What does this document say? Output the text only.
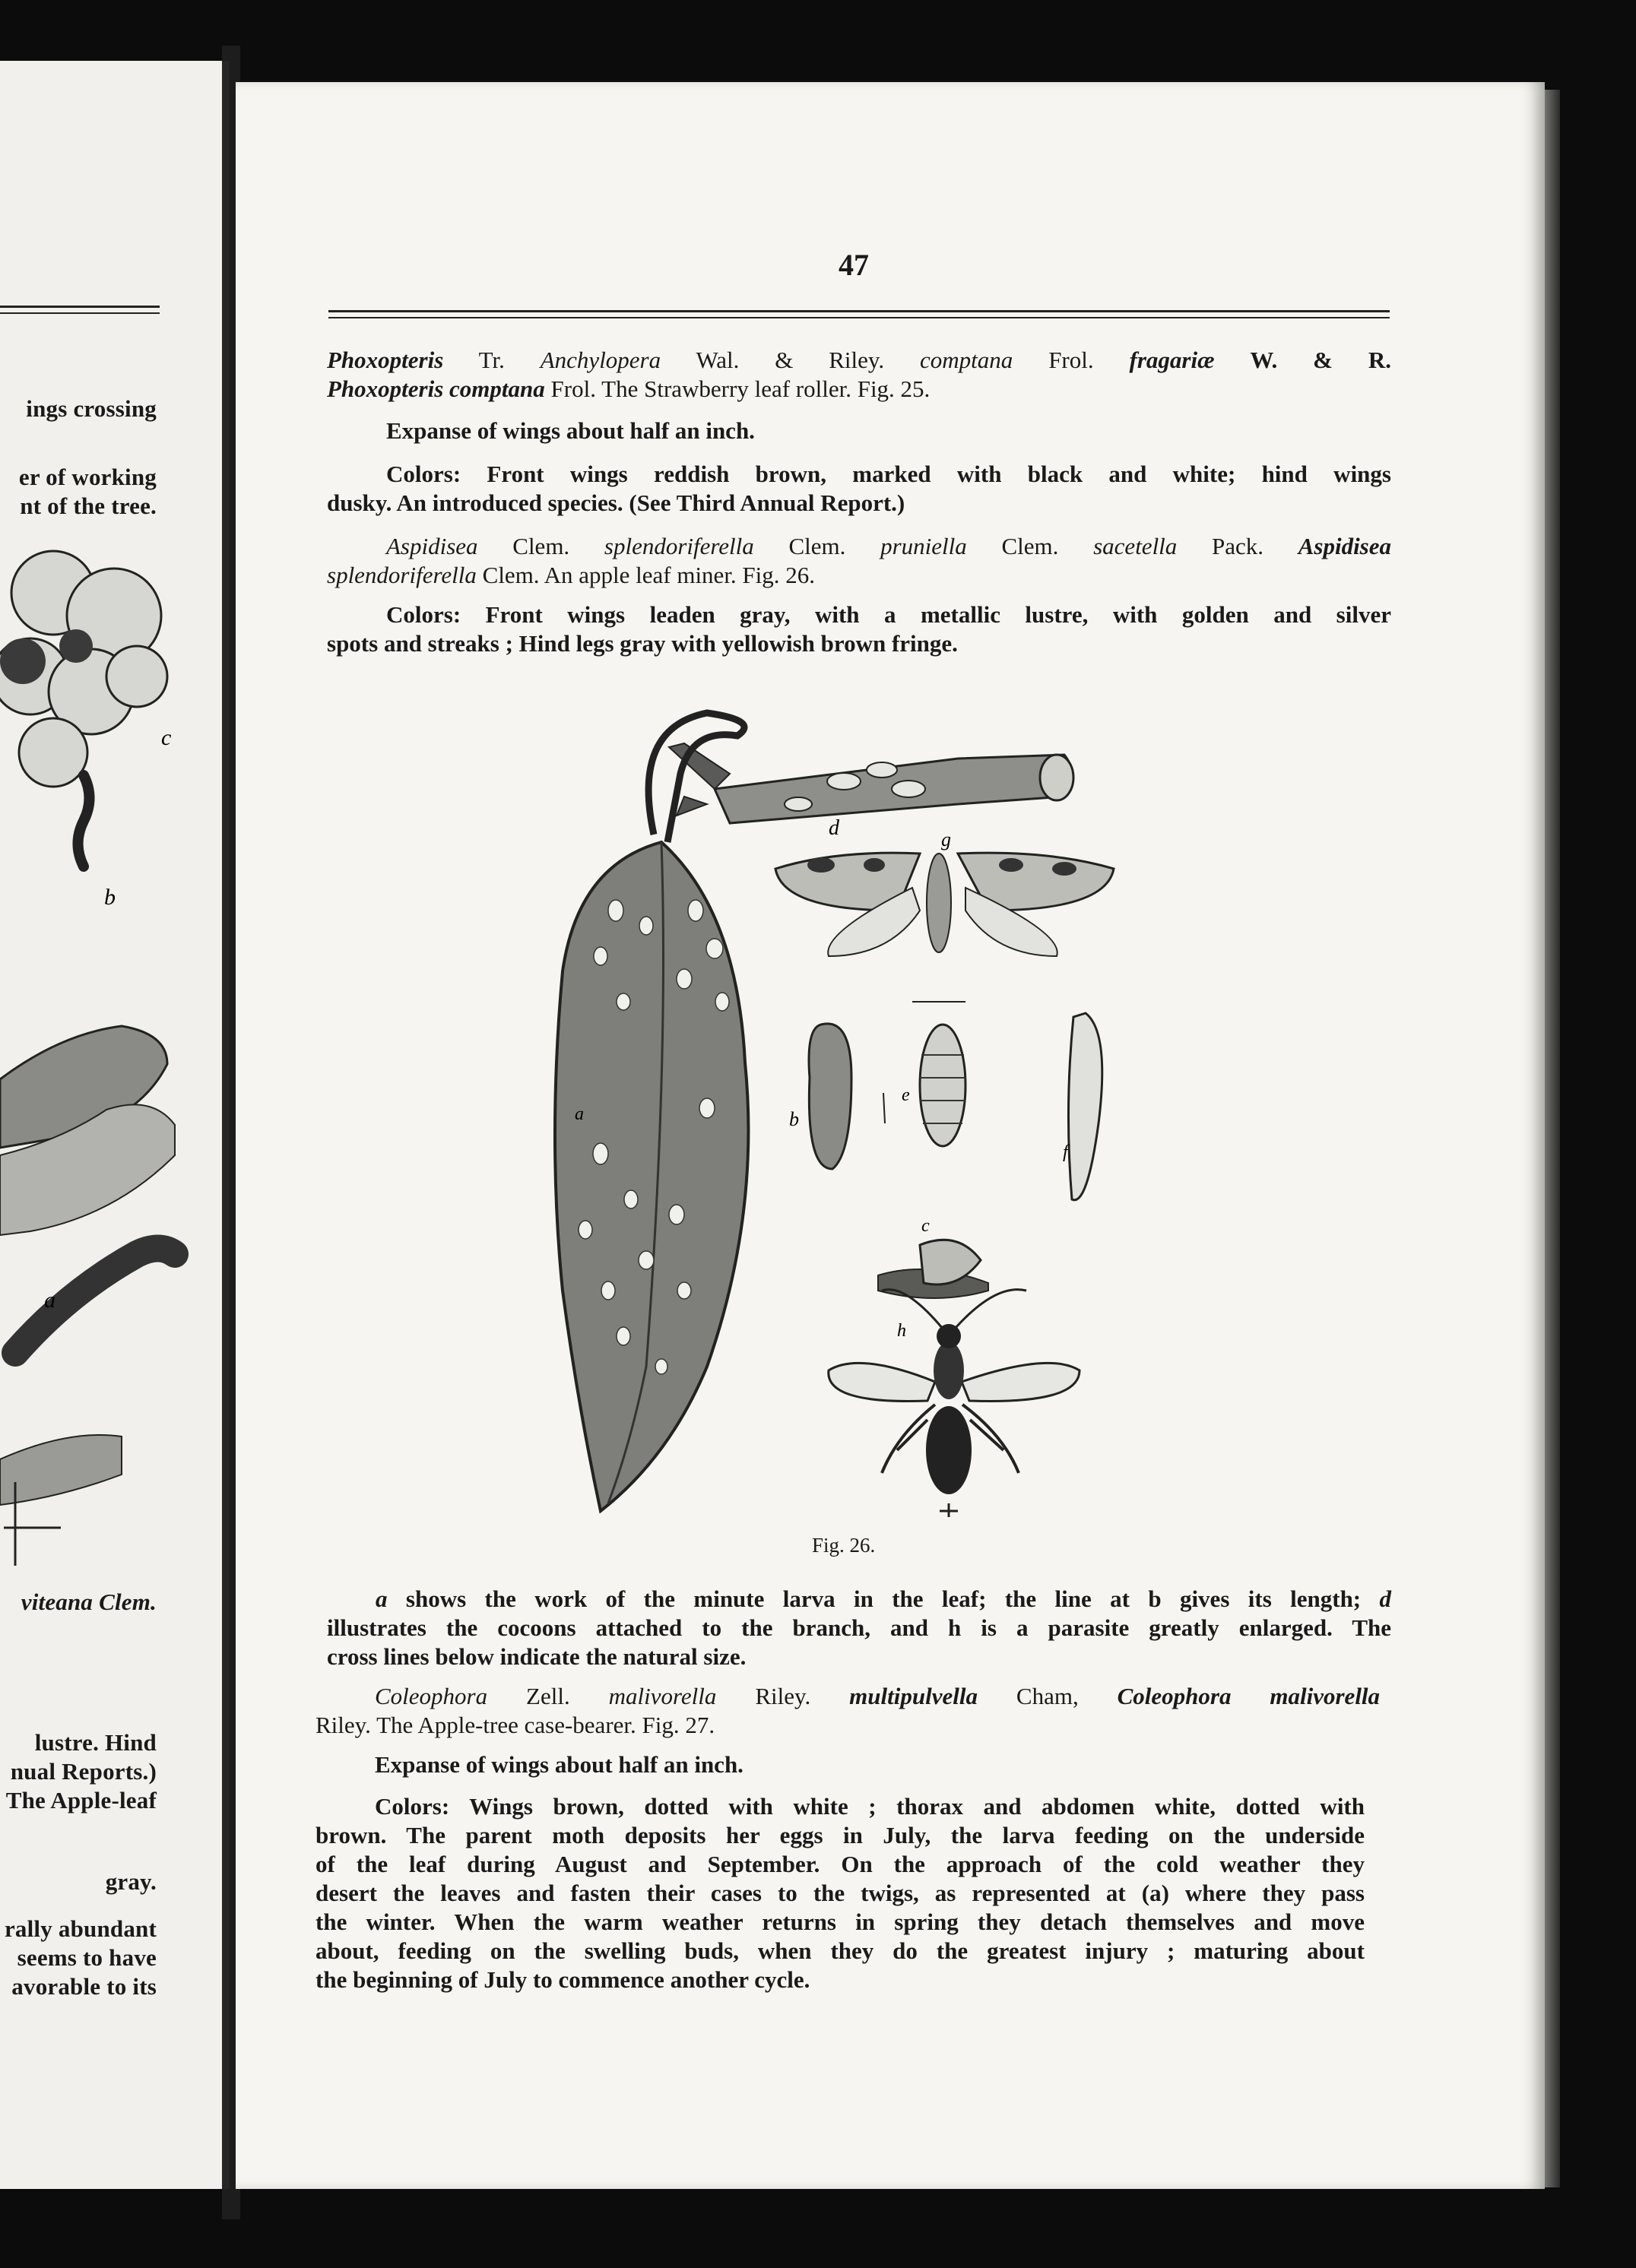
ings crossing
er of working
nt of the tree.
c
b
a
viteana Clem.
lustre. Hind
nual Reports.)
The Apple-leaf
gray.
rally abundant
seems to have
avorable to its
47
Phoxopteris Tr. Anchylopera Wal. & Riley. comptana Frol. fragariæ W. & R.
Phoxopteris comptana Frol. The Strawberry leaf roller. Fig. 25.
Expanse of wings about half an inch.
Colors: Front wings reddish brown, marked with black and white; hind wings
dusky. An introduced species. (See Third Annual Report.)
Aspidisea Clem. splendoriferella Clem. pruniella Clem. sacetella Pack. Aspidisea
splendoriferella Clem. An apple leaf miner. Fig. 26.
Colors: Front wings leaden gray, with a metallic lustre, with golden and silver
spots and streaks ; Hind legs gray with yellowish brown fringe.
d
a
g
b
e
f
c
h
Fig. 26.
a shows the work of the minute larva in the leaf; the line at b gives its length; d
illustrates the cocoons attached to the branch, and h is a parasite greatly enlarged. The
cross lines below indicate the natural size.
Coleophora Zell. malivorella Riley. multipulvella Cham, Coleophora malivorella
Riley. The Apple-tree case-bearer. Fig. 27.
Expanse of wings about half an inch.
Colors: Wings brown, dotted with white ; thorax and abdomen white, dotted with
brown. The parent moth deposits her eggs in July, the larva feeding on the underside
of the leaf during August and September. On the approach of the cold weather they
desert the leaves and fasten their cases to the twigs, as represented at (a) where they pass
the winter. When the warm weather returns in spring they detach themselves and move
about, feeding on the swelling buds, when they do the greatest injury ; maturing about
the beginning of July to commence another cycle.
